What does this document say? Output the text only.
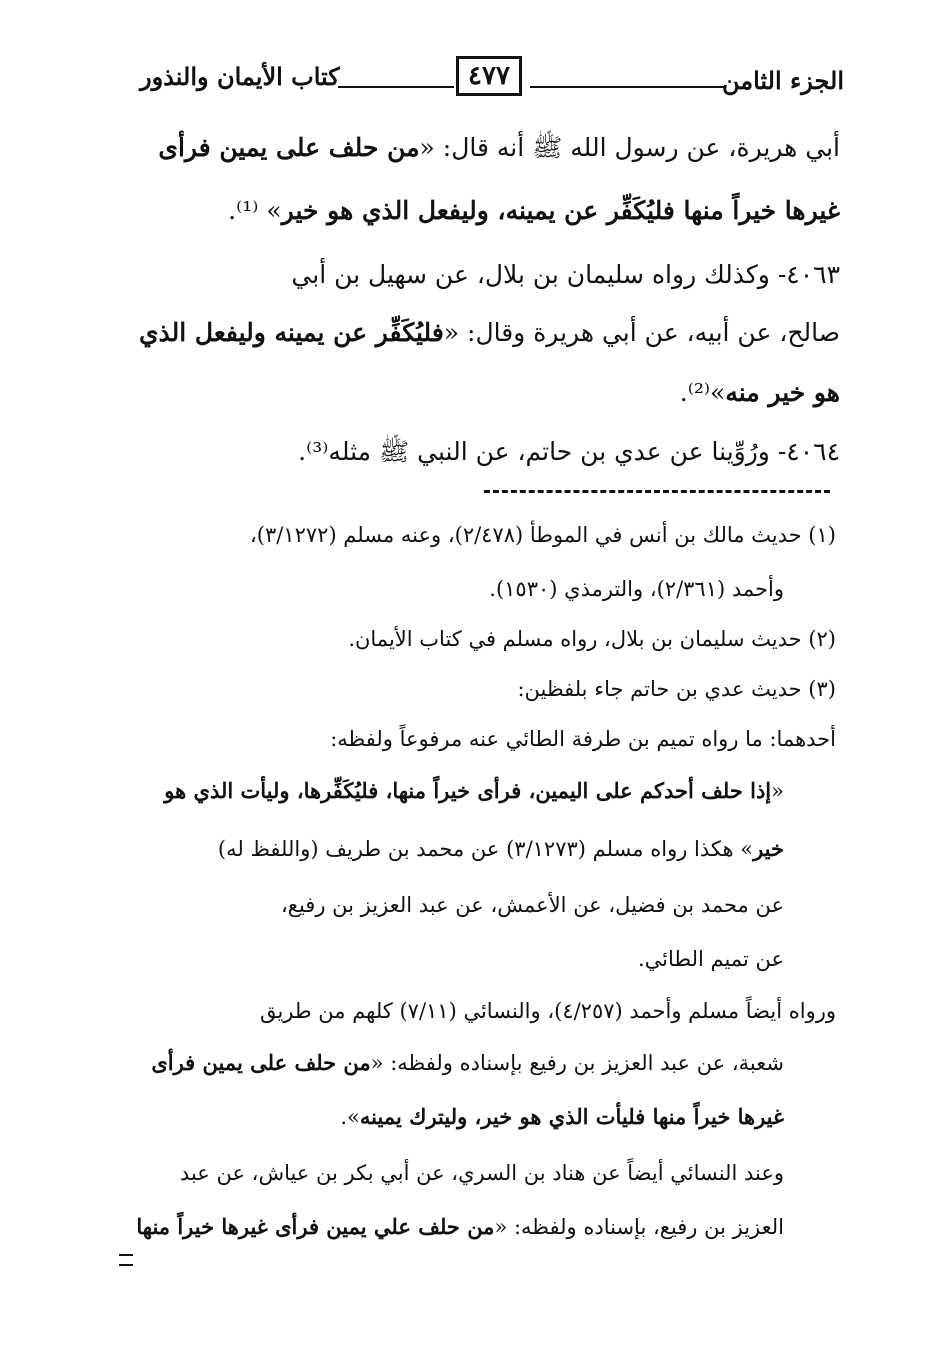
الجزء الثامن
٤٧٧
كتاب الأيمان والنذور
أبي هريرة، عن رسول الله ﷺ أنه قال: «من حلف على يمين فرأى
غيرها خيراً منها فليُكَفِّر عن يمينه، وليفعل الذي هو خير» ⁽¹⁾.
٤٠٦٣- وكذلك رواه سليمان بن بلال، عن سهيل بن أبي
صالح، عن أبيه، عن أبي هريرة وقال: «فليُكَفِّر عن يمينه وليفعل الذي
هو خير منه»⁽²⁾.
٤٠٦٤- ورُوِّينا عن عدي بن حاتم، عن النبي ﷺ مثله⁽³⁾.
(١) حديث مالك بن أنس في الموطأ (٢/٤٧٨)، وعنه مسلم (٣/١٢٧٢)،
وأحمد (٢/٣٦١)، والترمذي (١٥٣٠).
(٢) حديث سليمان بن بلال، رواه مسلم في كتاب الأيمان.
(٣) حديث عدي بن حاتم جاء بلفظين:
أحدهما: ما رواه تميم بن طرفة الطائي عنه مرفوعاً ولفظه:
«إذا حلف أحدكم على اليمين، فرأى خيراً منها، فليُكَفِّرها، وليأت الذي هو
خير» هكذا رواه مسلم (٣/١٢٧٣) عن محمد بن طريف (واللفظ له)
عن محمد بن فضيل، عن الأعمش، عن عبد العزيز بن رفيع،
عن تميم الطائي.
ورواه أيضاً مسلم وأحمد (٤/٢٥٧)، والنسائي (٧/١١) كلهم من طريق
شعبة، عن عبد العزيز بن رفيع بإسناده ولفظه: «من حلف على يمين فرأى
غيرها خيراً منها فليأت الذي هو خير، وليترك يمينه».
وعند النسائي أيضاً عن هناد بن السري، عن أبي بكر بن عياش، عن عبد
العزيز بن رفيع، بإسناده ولفظه: «من حلف علي يمين فرأى غيرها خيراً منها
